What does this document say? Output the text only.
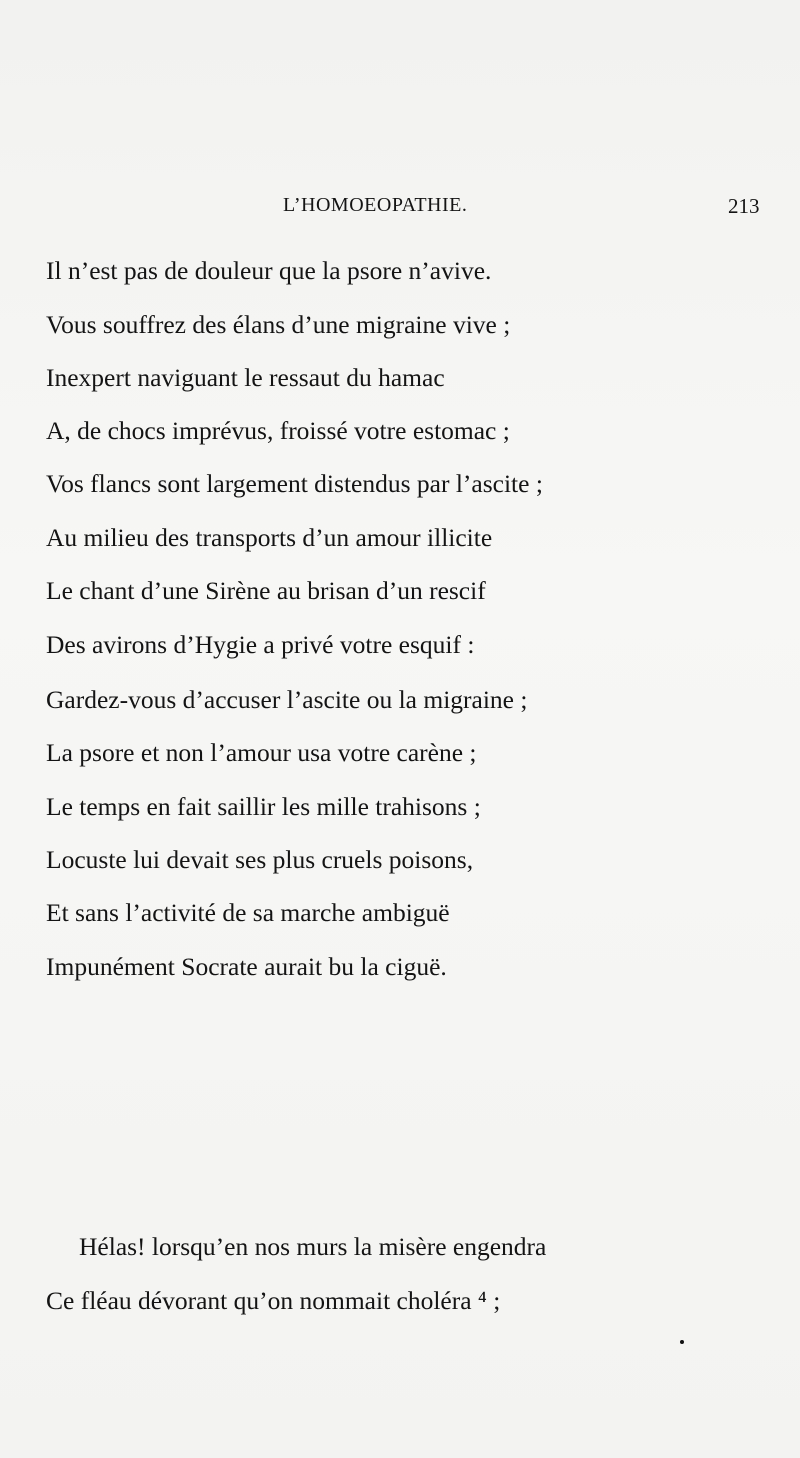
L’HOMOEOPATHIE.	213
Il n’est pas de douleur que la psore n’avive.
Vous souffrez des élans d’une migraine vive ;
Inexpert naviguant le ressaut du hamac
A, de chocs imprévus, froissé votre estomac ;
Vos flancs sont largement distendus par l’ascite ;
Au milieu des transports d’un amour illicite
Le chant d’une Sirène au brisan d’un rescif
Des avirons d’Hygie a privé votre esquif :
Gardez-vous d’accuser l’ascite ou la migraine ;
La psore et non l’amour usa votre carène ;
Le temps en fait saillir les mille trahisons ;
Locuste lui devait ses plus cruels poisons,
Et sans l’activité de sa marche ambiguë
Impunément Socrate aurait bu la ciguë.
Hélas! lorsqu’en nos murs la misère engendra
Ce fléau dévorant qu’on nommait choléra ⁴ ;
